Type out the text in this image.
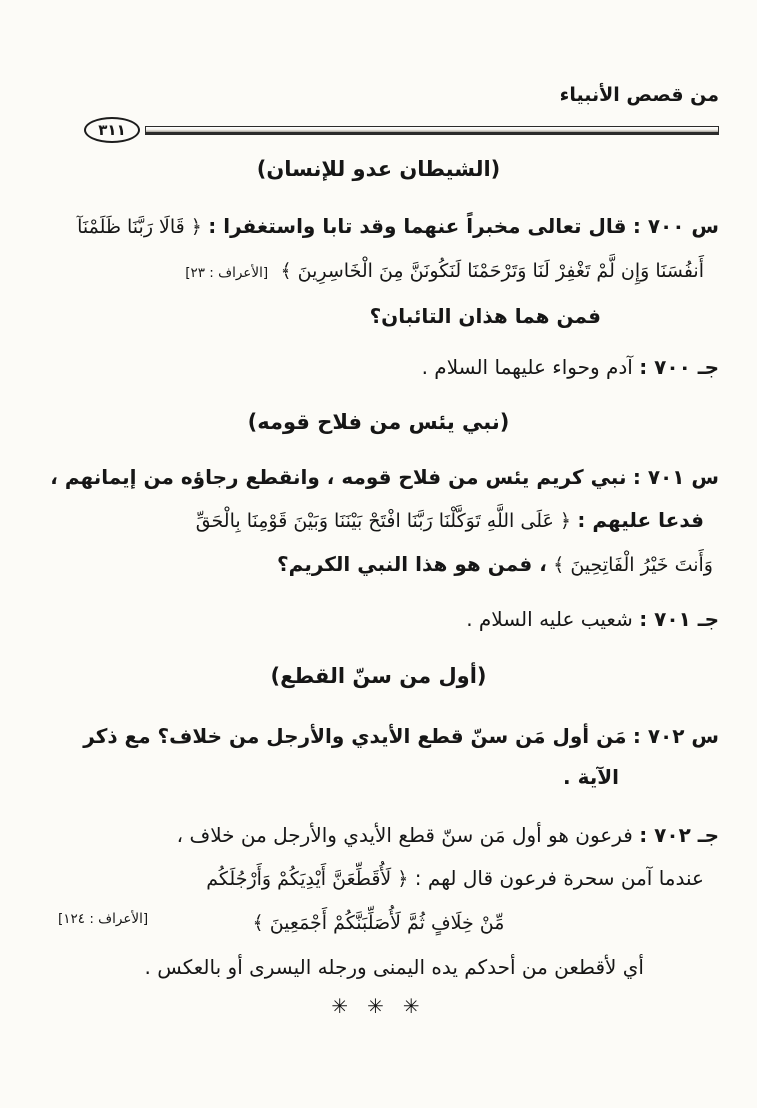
من قصص الأنبياء
٣١١
(الشيطان عدو للإنسان)
س ٧٠٠ : قال تعالى مخبراً عنهما وقد تابا واستغفرا : ﴿ قَالَا رَبَّنَا ظَلَمْنَآ
أَنفُسَنَا وَإِن لَّمْ تَغْفِرْ لَنَا وَتَرْحَمْنَا لَنَكُونَنَّ مِنَ الْخَاسِرِينَ ﴾ [الأعراف : ٢٣]
فمن هما هذان التائبان؟
جـ ٧٠٠ : آدم وحواء عليهما السلام .
(نبي يئس من فلاح قومه)
س ٧٠١ : نبي كريم يئس من فلاح قومه ، وانقطع رجاؤه من إيمانهم ،
فدعا عليهم : ﴿ عَلَى اللَّهِ تَوَكَّلْنَا رَبَّنَا افْتَحْ بَيْنَنَا وَبَيْنَ قَوْمِنَا بِالْحَقِّ
وَأَنتَ خَيْرُ الْفَاتِحِينَ ﴾ ، فمن هو هذا النبي الكريم؟
جـ ٧٠١ : شعيب عليه السلام .
(أول من سنّ القطع)
س ٧٠٢ : مَن أول مَن سنّ قطع الأيدي والأرجل من خلاف؟ مع ذكر
الآية .
جـ ٧٠٢ : فرعون هو أول مَن سنّ قطع الأيدي والأرجل من خلاف ،
عندما آمن سحرة فرعون قال لهم : ﴿ لَأُقَطِّعَنَّ أَيْدِيَكُمْ وَأَرْجُلَكُم
مِّنْ خِلَافٍ ثُمَّ لَأُصَلِّبَنَّكُمْ أَجْمَعِينَ ﴾
[الأعراف : ١٢٤]
أي لأقطعن من أحدكم يده اليمنى ورجله اليسرى أو بالعكس .
✳ ✳ ✳
